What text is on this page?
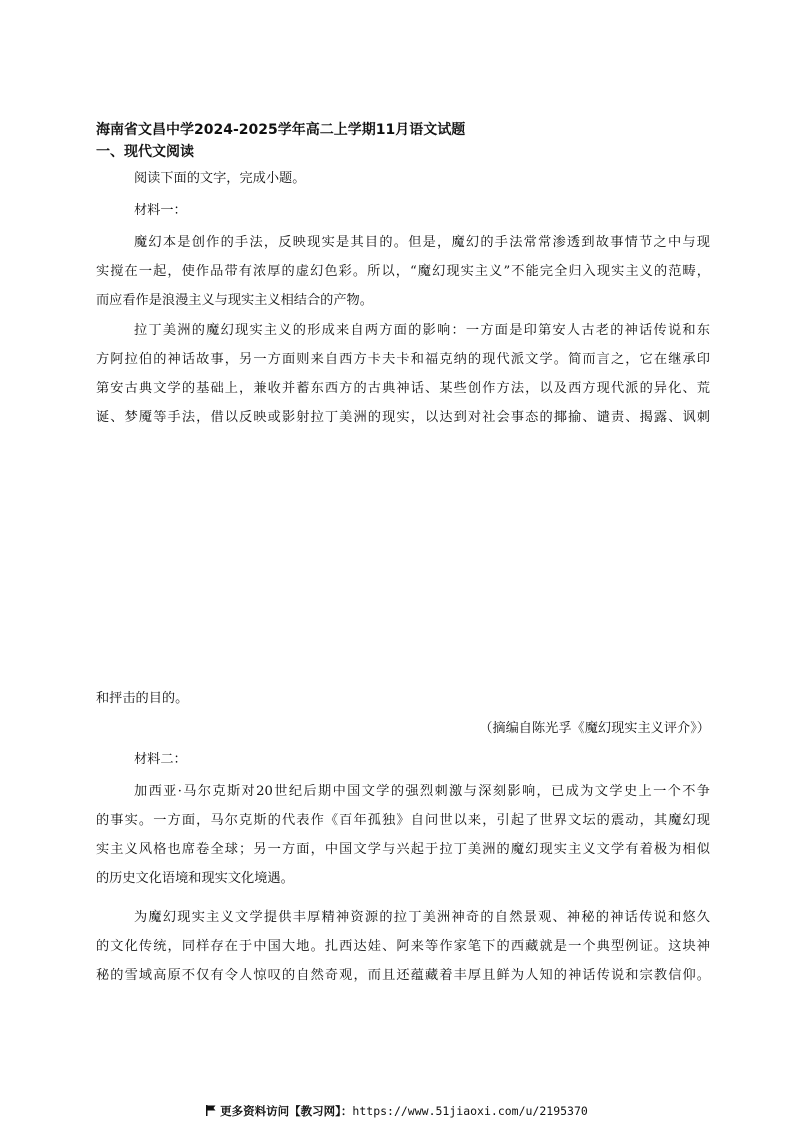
海南省文昌中学2024-2025学年高二上学期11月语文试题
一、现代文阅读
阅读下面的文字，完成小题。
材料一：
魔幻本是创作的手法，反映现实是其目的。但是，魔幻的手法常常渗透到故事情节之中与现
实搅在一起，使作品带有浓厚的虚幻色彩。所以，“魔幻现实主义”不能完全归入现实主义的范畴，
而应看作是浪漫主义与现实主义相结合的产物。
拉丁美洲的魔幻现实主义的形成来自两方面的影响：一方面是印第安人古老的神话传说和东
方阿拉伯的神话故事，另一方面则来自西方卡夫卡和福克纳的现代派文学。简而言之，它在继承印
第安古典文学的基础上，兼收并蓄东西方的古典神话、某些创作方法，以及西方现代派的异化、荒
诞、梦魇等手法，借以反映或影射拉丁美洲的现实，以达到对社会事态的揶揄、谴责、揭露、讽刺
和抨击的目的。
（摘编自陈光孚《魔幻现实主义评介》）
材料二：
加西亚·马尔克斯对20世纪后期中国文学的强烈刺激与深刻影响，已成为文学史上一个不争
的事实。一方面，马尔克斯的代表作《百年孤独》自问世以来，引起了世界文坛的震动，其魔幻现
实主义风格也席卷全球；另一方面，中国文学与兴起于拉丁美洲的魔幻现实主义文学有着极为相似
的历史文化语境和现实文化境遇。
为魔幻现实主义文学提供丰厚精神资源的拉丁美洲神奇的自然景观、神秘的神话传说和悠久
的文化传统，同样存在于中国大地。扎西达娃、阿来等作家笔下的西藏就是一个典型例证。这块神
秘的雪域高原不仅有令人惊叹的自然奇观，而且还蕴藏着丰厚且鲜为人知的神话传说和宗教信仰。
更多资料访问【教习网】：https://www.51jiaoxi.com/u/2195370
